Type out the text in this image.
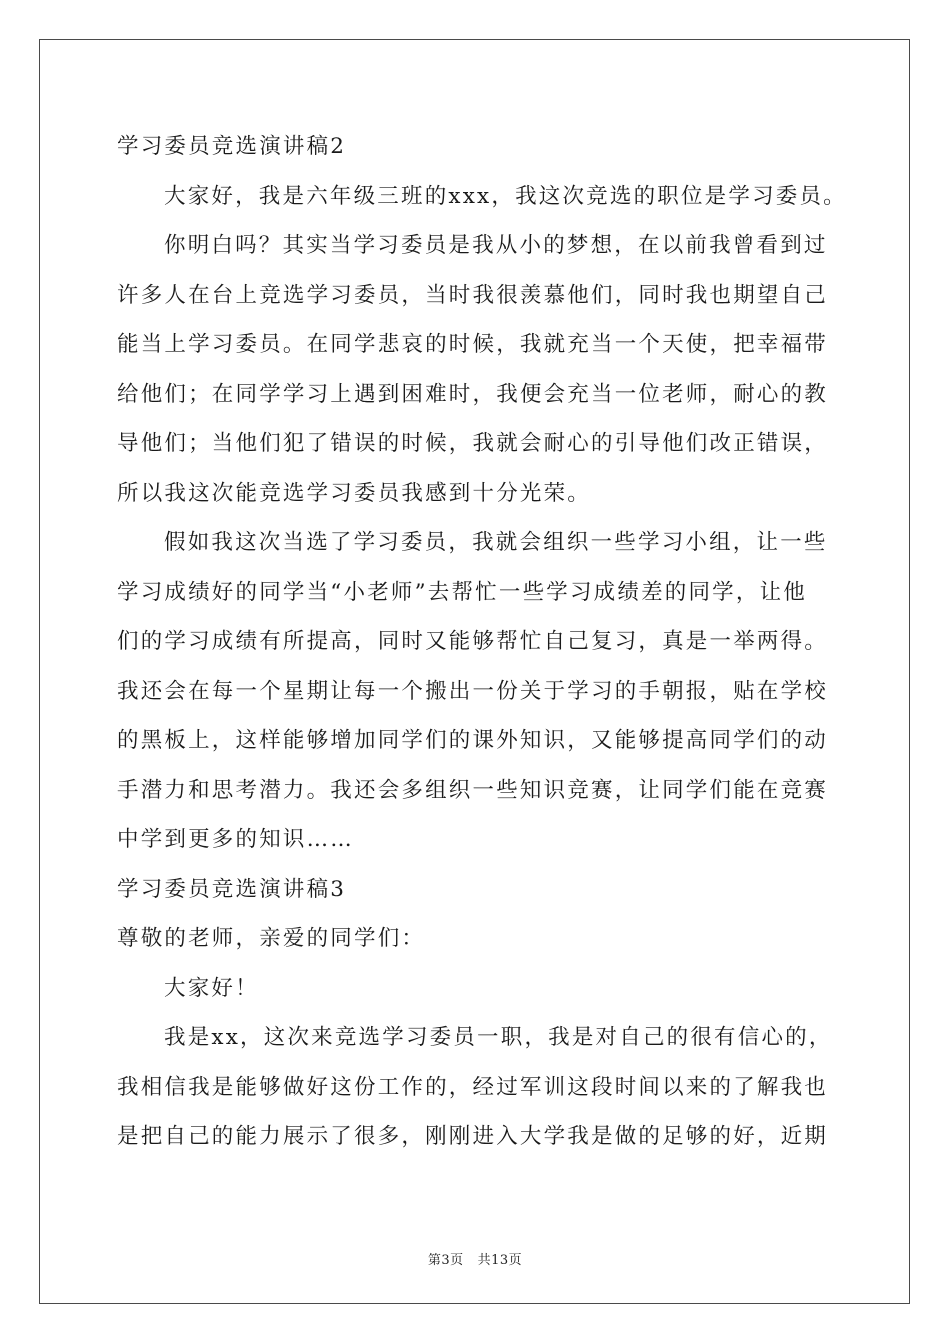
学习委员竞选演讲稿2
大家好，我是六年级三班的xxx，我这次竞选的职位是学习委员。
你明白吗？其实当学习委员是我从小的梦想，在以前我曾看到过
许多人在台上竞选学习委员，当时我很羡慕他们，同时我也期望自己
能当上学习委员。在同学悲哀的时候，我就充当一个天使，把幸福带
给他们；在同学学习上遇到困难时，我便会充当一位老师，耐心的教
导他们；当他们犯了错误的时候，我就会耐心的引导他们改正错误，
所以我这次能竞选学习委员我感到十分光荣。
假如我这次当选了学习委员，我就会组织一些学习小组，让一些
学习成绩好的同学当“小老师”去帮忙一些学习成绩差的同学，让他
们的学习成绩有所提高，同时又能够帮忙自己复习，真是一举两得。
我还会在每一个星期让每一个搬出一份关于学习的手朝报，贴在学校
的黑板上，这样能够增加同学们的课外知识，又能够提高同学们的动
手潜力和思考潜力。我还会多组织一些知识竞赛，让同学们能在竞赛
中学到更多的知识……
学习委员竞选演讲稿3
尊敬的老师，亲爱的同学们：
大家好！
我是xx，这次来竞选学习委员一职，我是对自己的很有信心的，
我相信我是能够做好这份工作的，经过军训这段时间以来的了解我也
是把自己的能力展示了很多，刚刚进入大学我是做的足够的好，近期
第3页 共13页
